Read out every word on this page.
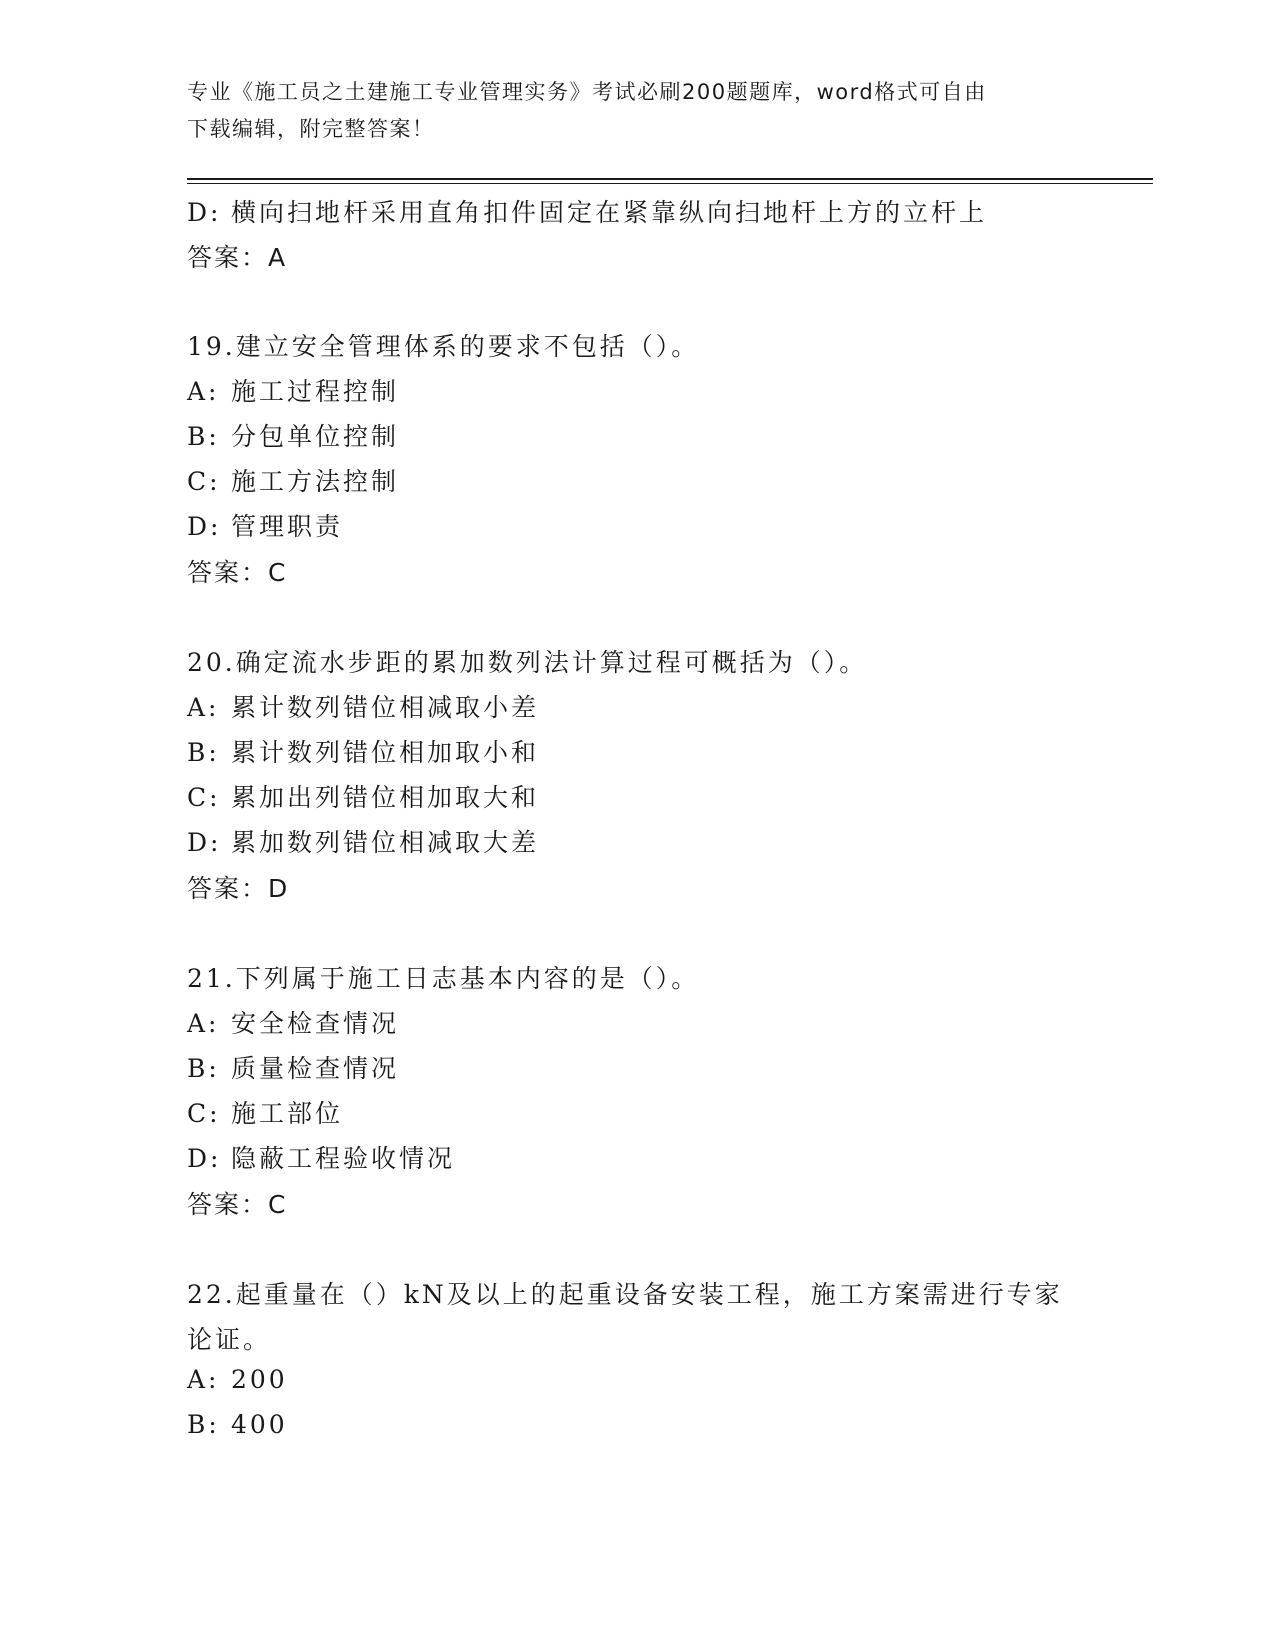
专业《施工员之土建施工专业管理实务》考试必刷200题题库，word格式可自由

下载编辑，附完整答案！

D: 横向扫地杆采用直角扣件固定在紧靠纵向扫地杆上方的立杆上
答案：A
19.建立安全管理体系的要求不包括（）。
A: 施工过程控制
B: 分包单位控制
C: 施工方法控制
D: 管理职责
答案：C
20.确定流水步距的累加数列法计算过程可概括为（）。
A: 累计数列错位相减取小差
B: 累计数列错位相加取小和
C: 累加出列错位相加取大和
D: 累加数列错位相减取大差
答案：D
21.下列属于施工日志基本内容的是（）。
A: 安全检查情况
B: 质量检查情况
C: 施工部位
D: 隐蔽工程验收情况
答案：C
22.起重量在（）kN及以上的起重设备安装工程，施工方案需进行专家
论证。
A: 200
B: 400
